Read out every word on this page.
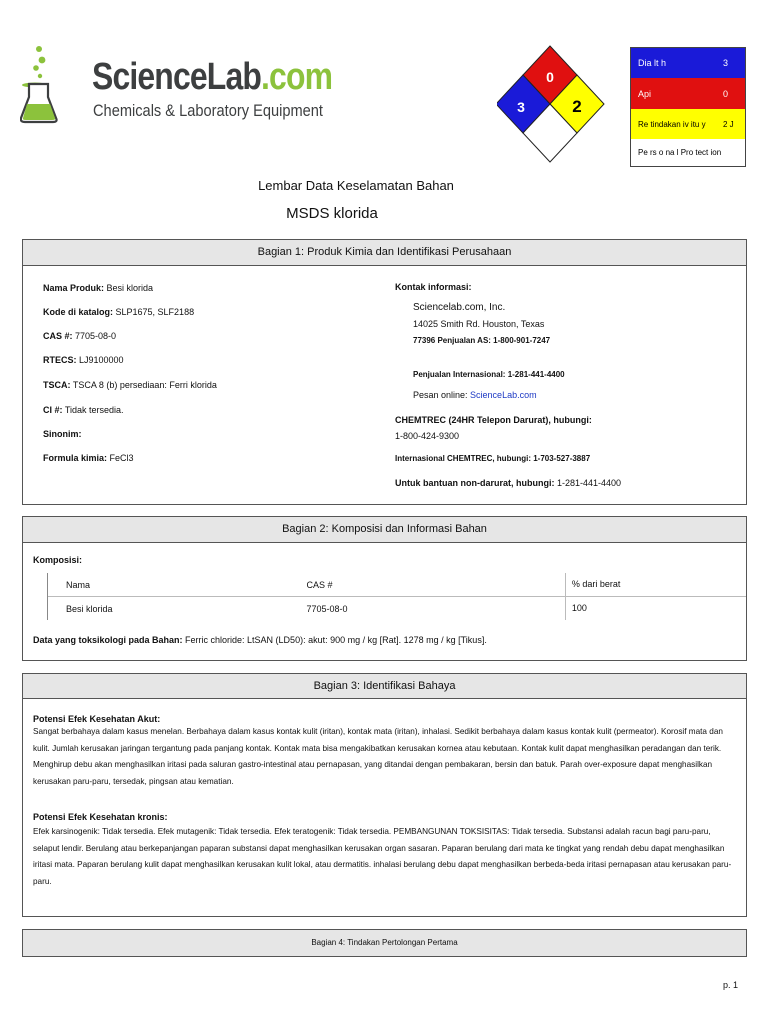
ScienceLab.com
Chemicals & Laboratory Equipment
0
3	2
Dia lt h	3
Api	0
Re tindakan iv itu y	2 J
Pe rs o na l Pro tect ion
Lembar Data Keselamatan Bahan
MSDS klorida
Bagian 1: Produk Kimia dan Identifikasi Perusahaan
Nama Produk: Besi klorida
Kode di katalog: SLP1675, SLF2188
CAS #: 7705-08-0
RTECS: LJ9100000
TSCA: TSCA 8 (b) persediaan: Ferri klorida
CI #: Tidak tersedia.
Sinonim:
Formula kimia: FeCl3
Kontak informasi:
Sciencelab.com, Inc.
14025 Smith Rd. Houston, Texas
77396 Penjualan AS: 1-800-901-7247
Penjualan Internasional: 1-281-441-4400
Pesan online: ScienceLab.com
CHEMTREC (24HR Telepon Darurat), hubungi:
1-800-424-9300
Internasional CHEMTREC, hubungi: 1-703-527-3887
Untuk bantuan non-darurat, hubungi: 1-281-441-4400
Bagian 2: Komposisi dan Informasi Bahan
Komposisi:
Nama	CAS #	% dari berat
Besi klorida	7705-08-0	100
Data yang toksikologi pada Bahan: Ferric chloride: LtSAN (LD50): akut: 900 mg / kg [Rat]. 1278 mg / kg [Tikus].
Bagian 3: Identifikasi Bahaya
Potensi Efek Kesehatan Akut:
Sangat berbahaya dalam kasus menelan. Berbahaya dalam kasus kontak kulit (iritan), kontak mata (iritan), inhalasi. Sedikit berbahaya dalam kasus kontak kulit (permeator). Korosif mata dan kulit. Jumlah kerusakan jaringan tergantung pada panjang kontak. Kontak mata bisa mengakibatkan kerusakan kornea atau kebutaan. Kontak kulit dapat menghasilkan peradangan dan terik. Menghirup debu akan menghasilkan iritasi pada saluran gastro-intestinal atau pernapasan, yang ditandai dengan pembakaran, bersin dan batuk. Parah over-exposure dapat menghasilkan kerusakan paru-paru, tersedak, pingsan atau kematian.
Potensi Efek Kesehatan kronis:
Efek karsinogenik: Tidak tersedia. Efek mutagenik: Tidak tersedia. Efek teratogenik: Tidak tersedia. PEMBANGUNAN TOKSISITAS: Tidak tersedia. Substansi adalah racun bagi paru-paru, selaput lendir. Berulang atau berkepanjangan paparan substansi dapat menghasilkan kerusakan organ sasaran. Paparan berulang dari mata ke tingkat yang rendah debu dapat menghasilkan iritasi mata. Paparan berulang kulit dapat menghasilkan kerusakan kulit lokal, atau dermatitis. inhalasi berulang debu dapat menghasilkan berbeda-beda iritasi pernapasan atau kerusakan paru-paru.
Bagian 4: Tindakan Pertolongan Pertama
p. 1
